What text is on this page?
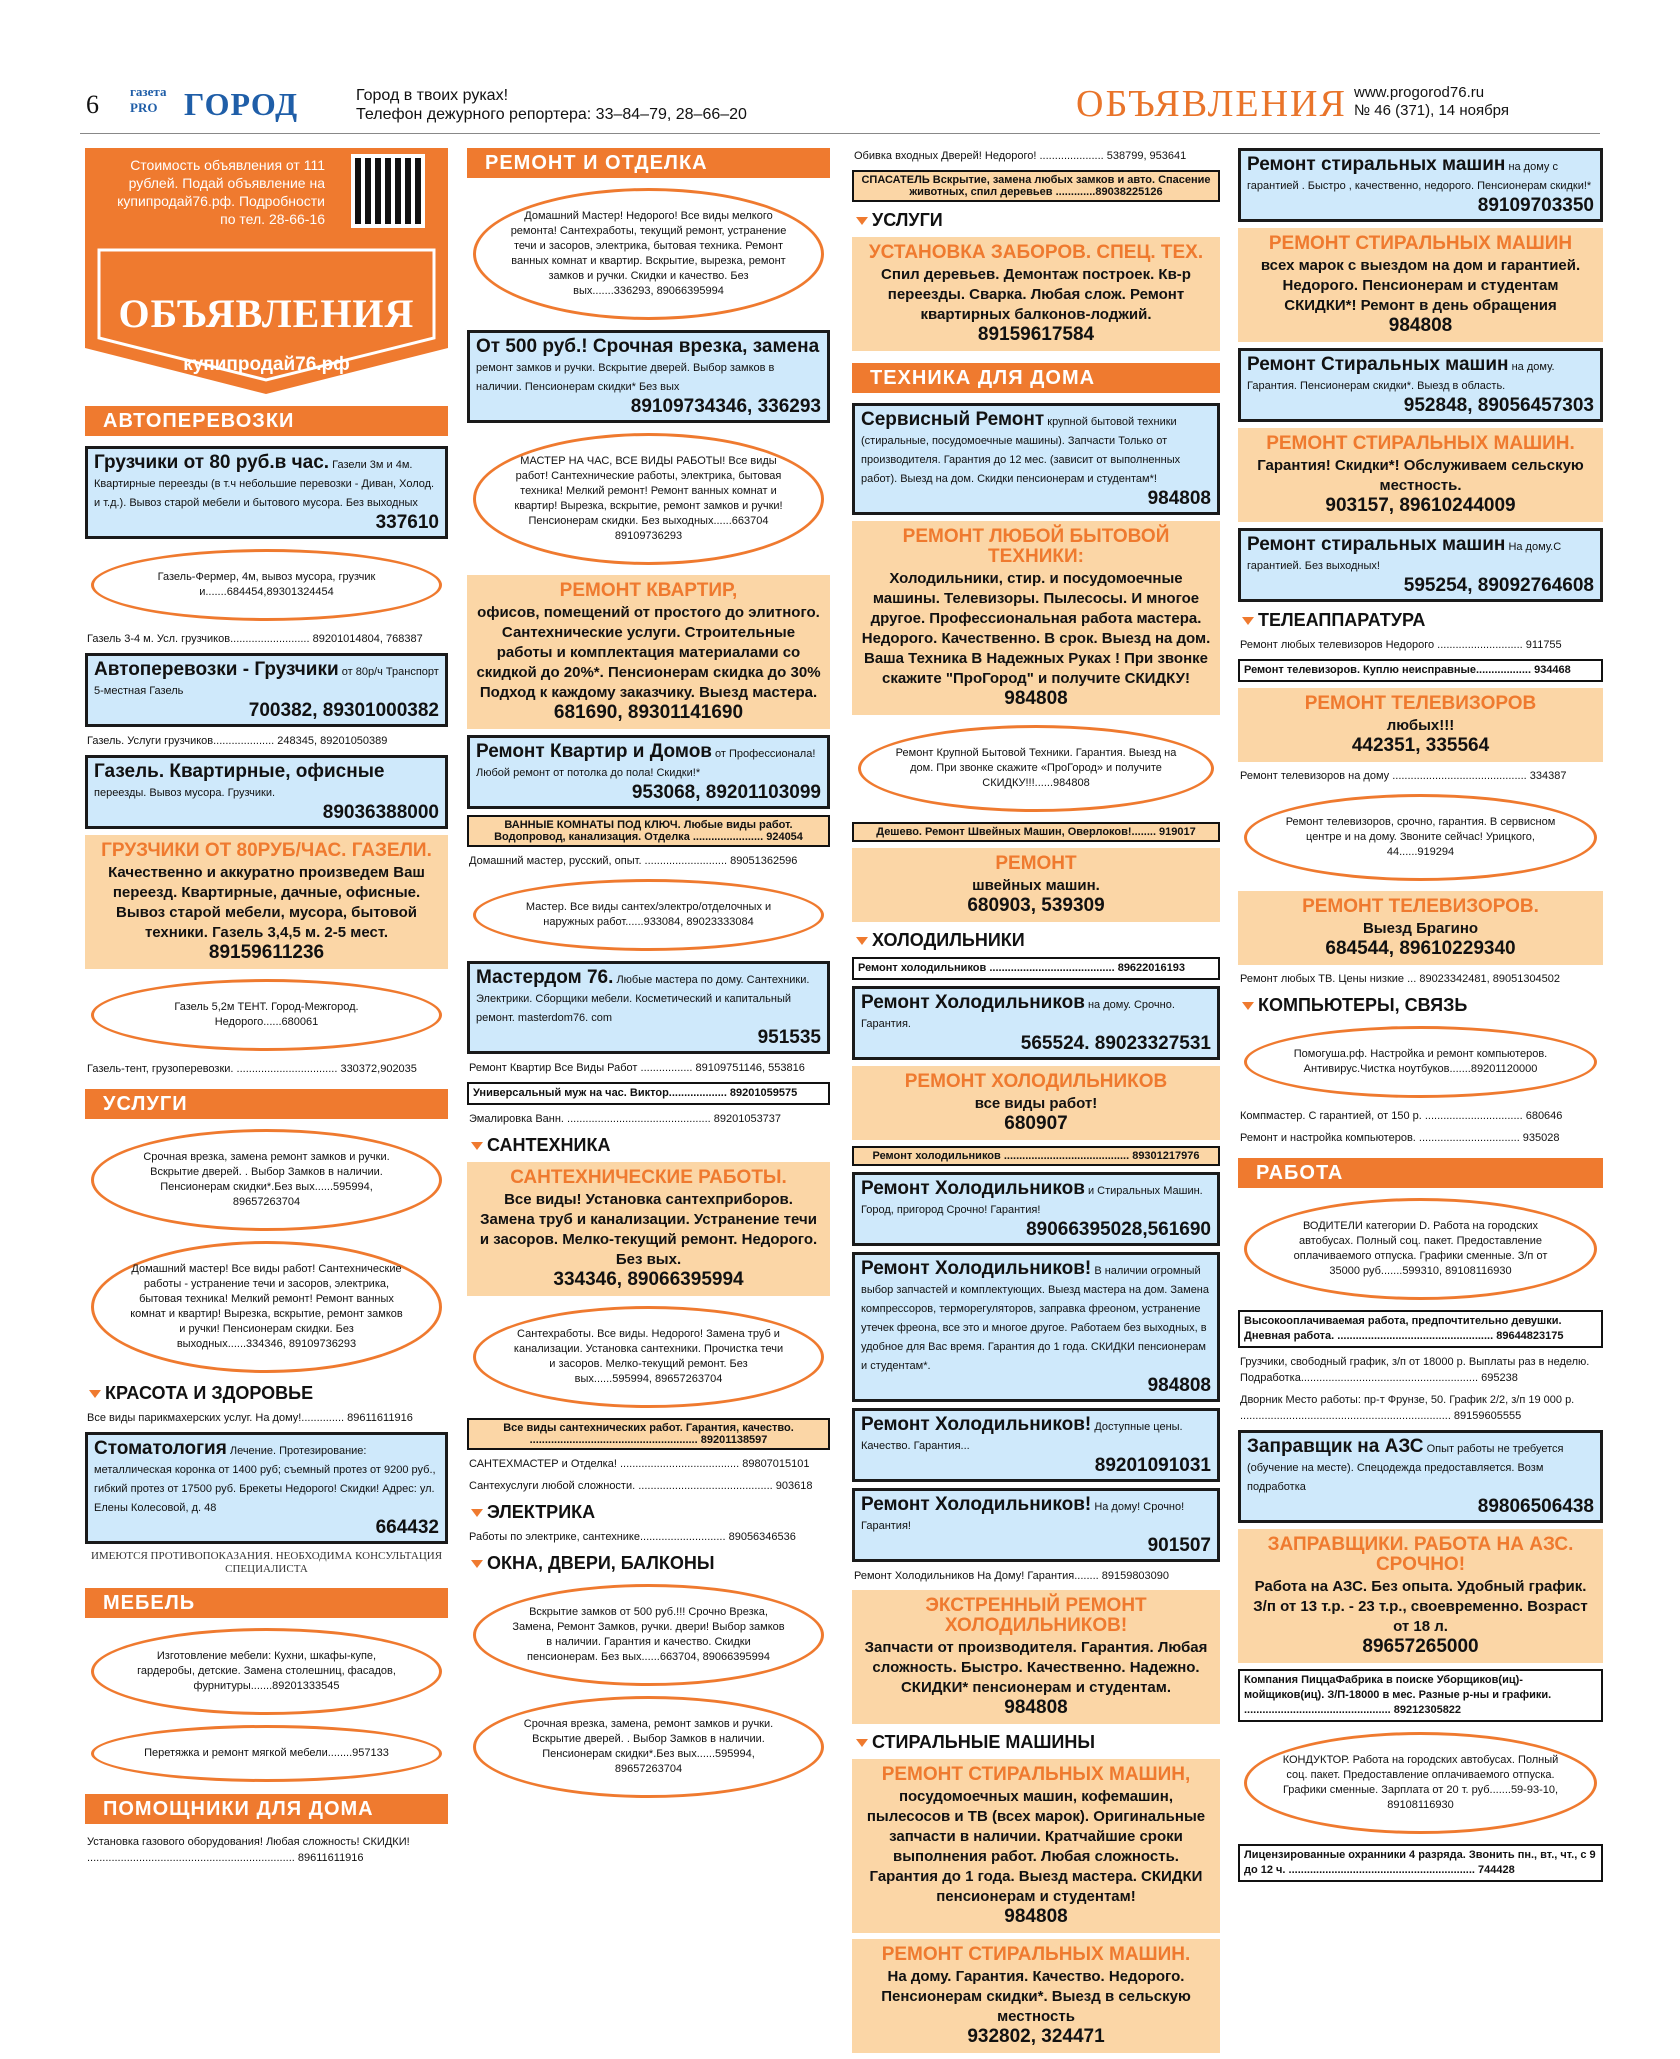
6 газета PRO ГОРОД	Город в твоих руках!
Телефон дежурного репортера: 33–84–79, 28–66–20	ОБЪЯВЛЕНИЯ www.progorod76.ru
№ 46 (371), 14 ноября
Стоимость объявления от 111 рублей. Подай объявление на купипродай76.рф. Подробности по тел. 28-66-16
ОБЪЯВЛЕНИЯ
купипродай76.рф
АВТОПЕРЕВОЗКИ
Грузчики от 80 руб.в час. Газели 3м и 4м. Квартирные переезды (в т.ч небольшие перевозки - Диван, Холод. и т.д.). Вывоз старой мебели и бытового мусора. Без выходных
337610
Газель-Фермер, 4м, вывоз мусора, грузчик и.......684454,89301324454
Газель 3-4 м. Усл. грузчиков.......................... 89201014804, 768387
Автоперевозки - Грузчики от 80р/ч Транспорт 5-местная Газель
700382, 89301000382
Газель. Услуги грузчиков.................... 248345, 89201050389
Газель. Квартирные, офисные переезды. Вывоз мусора. Грузчики.
89036388000
ГРУЗЧИКИ ОТ 80РУБ/ЧАС. ГАЗЕЛИ.
Качественно и аккуратно произведем Ваш переезд. Квартирные, дачные, офисные. Вывоз старой мебели, мусора, бытовой техники. Газель 3,4,5 м. 2-5 мест.
89159611236
Газель 5,2м ТЕНТ. Город-Межгород. Недорого......680061
Газель-тент, грузоперевозки. ................................. 330372,902035
УСЛУГИ
Срочная врезка, замена ремонт замков и ручки. Вскрытие дверей. . Выбор Замков в наличии. Пенсионерам скидки*.Без вых......595994, 89657263704
Домашний мастер! Все виды работ! Сантехнические работы - устранение течи и засоров, электрика, бытовая техника! Мелкий ремонт! Ремонт ванных комнат и квартир! Вырезка, вскрытие, ремонт замков и ручки! Пенсионерам скидки. Без выходных......334346, 89109736293
КРАСОТА И ЗДОРОВЬЕ
Все виды парикмахерских услуг. На дому!.............. 89611611916
Стоматология Лечение. Протезирование: металлическая коронка от 1400 руб; съемный протез от 9200 руб., гибкий протез от 17500 руб. Брекеты Недорого! Скидки! Адрес: ул. Елены Колесовой, д. 48
664432
ИМЕЮТСЯ ПРОТИВОПОКАЗАНИЯ. НЕОБХОДИМА КОНСУЛЬТАЦИЯ СПЕЦИАЛИСТА
МЕБЕЛЬ
Изготовление мебели: Кухни, шкафы-купе, гардеробы, детские. Замена столешниц, фасадов, фурнитуры.......89201333545
Перетяжка и ремонт мягкой мебели........957133
ПОМОЩНИКИ ДЛЯ ДОМА
Установка газового оборудования! Любая сложность! СКИДКИ! .................................................................... 89611611916
РЕМОНТ И ОТДЕЛКА
Домашний Мастер! Недорого! Все виды мелкого ремонта! Сантехработы, текущий ремонт, устранение течи и засоров, электрика, бытовая техника. Ремонт ванных комнат и квартир. Вскрытие, вырезка, ремонт замков и ручки. Скидки и качество. Без вых.......336293, 89066395994
От 500 руб.! Срочная врезка, замена ремонт замков и ручки. Вскрытие дверей. Выбор замков в наличии. Пенсионерам скидки* Без вых
89109734346, 336293
МАСТЕР НА ЧАС, ВСЕ ВИДЫ РАБОТЫ! Все виды работ! Сантехнические работы, электрика, бытовая техника! Мелкий ремонт! Ремонт ванных комнат и квартир! Вырезка, вскрытие, ремонт замков и ручки! Пенсионерам скидки. Без выходных......663704 89109736293
РЕМОНТ КВАРТИР,
офисов, помещений от простого до элитного. Сантехнические услуги. Строительные работы и комплектация материалами со скидкой до 20%*. Пенсионерам скидка до 30% Подход к каждому заказчику. Выезд мастера.
681690, 89301141690
Ремонт Квартир и Домов от Профессионала! Любой ремонт от потолка до пола! Скидки!*
953068, 89201103099
ВАННЫЕ КОМНАТЫ ПОД КЛЮЧ. Любые виды работ. Водопровод, канализация. Отделка ....................... 924054
Домашний мастер, русский, опыт. ........................... 89051362596
Мастер. Все виды сантех/электро/отделочных и наружных работ......933084, 89023333084
Мастердом 76. Любые мастера по дому. Сантехники. Электрики. Сборщики мебели. Косметический и капитальный ремонт. masterdom76. com
951535
Ремонт Квартир Все Виды Работ ................. 89109751146, 553816
Универсальный муж на час. Виктор................... 89201059575
Эмалировка Ванн. ............................................... 89201053737
САНТЕХНИКА
САНТЕХНИЧЕСКИЕ РАБОТЫ.
Все виды! Установка сантехприборов. Замена труб и канализации. Устранение течи и засоров. Мелко-текущий ремонт. Недорого. Без вых.
334346, 89066395994
Сантехработы. Все виды. Недорого! Замена труб и канализации. Установка сантехники. Прочистка течи и засоров. Мелко-текущий ремонт. Без вых......595994, 89657263704
Все виды сантехнических работ. Гарантия, качество. ....................................................... 89201138597
САНТЕХМАСТЕР и Отделка! ....................................... 89807015101
Сантехуслуги любой сложности. ............................................ 903618
ЭЛЕКТРИКА
Работы по электрике, сантехнике............................ 89056346536
ОКНА, ДВЕРИ, БАЛКОНЫ
Вскрытие замков от 500 руб.!!! Срочно Врезка, Замена, Ремонт Замков, ручки. двери! Выбор замков в наличии. Гарантия и качество. Скидки пенсионерам. Без вых......663704, 89066395994
Срочная врезка, замена, ремонт замков и ручки. Вскрытие дверей. . Выбор Замков в наличии. Пенсионерам скидки*.Без вых......595994, 89657263704
Обивка входных Дверей! Недорого! ..................... 538799, 953641
СПАСАТЕЛЬ Вскрытие, замена любых замков и авто. Спасение животных, спил деревьев .............89038225126
УСЛУГИ
УСТАНОВКА ЗАБОРОВ. СПЕЦ. ТЕХ.
Спил деревьев. Демонтаж построек. Кв-р переезды. Сварка. Любая слож. Ремонт квартирных балконов-лоджий.
89159617584
ТЕХНИКА ДЛЯ ДОМА
Сервисный Ремонт крупной бытовой техники (стиральные, посудомоечные машины). Запчасти Только от производителя. Гарантия до 12 мес. (зависит от выполненных работ). Выезд на дом. Скидки пенсионерам и студентам*!
984808
РЕМОНТ ЛЮБОЙ БЫТОВОЙ ТЕХНИКИ:
Холодильники, стир. и посудомоечные машины. Телевизоры. Пылесосы. И многое другое. Профессиональная работа мастера. Недорого. Качественно. В срок. Выезд на дом. Ваша Техника В Надежных Руках ! При звонке скажите "ПроГород" и получите СКИДКУ!
984808
Ремонт Крупной Бытовой Техники. Гарантия. Выезд на дом. При звонке скажите «ПроГород» и получите СКИДКУ!!!......984808
Дешево. Ремонт Швейных Машин, Оверлоков!........ 919017
РЕМОНТ
швейных машин.
680903, 539309
ХОЛОДИЛЬНИКИ
Ремонт холодильников ......................................... 89622016193
Ремонт Холодильников на дому. Срочно. Гарантия.
565524. 89023327531
РЕМОНТ ХОЛОДИЛЬНИКОВ
все виды работ!
680907
Ремонт холодильников ......................................... 89301217976
Ремонт Холодильников и Стиральных Машин. Город, пригород Срочно! Гарантия!
89066395028,561690
Ремонт Холодильников! В наличии огромный выбор запчастей и комплектующих. Выезд мастера на дом. Замена компрессоров, терморегуляторов, заправка фреоном, устранение утечек фреона, все это и многое другое. Работаем без выходных, в удобное для Вас время. Гарантия до 1 года. СКИДКИ пенсионерам и студентам*.
984808
Ремонт Холодильников! Доступные цены. Качество. Гарантия...
89201091031
Ремонт Холодильников! На дому! Срочно! Гарантия!
901507
Ремонт Холодильников На Дому! Гарантия........ 89159803090
ЭКСТРЕННЫЙ РЕМОНТ ХОЛОДИЛЬНИКОВ!
Запчасти от производителя. Гарантия. Любая сложность. Быстро. Качественно. Надежно. СКИДКИ* пенсионерам и студентам.
984808
СТИРАЛЬНЫЕ МАШИНЫ
РЕМОНТ СТИРАЛЬНЫХ МАШИН,
посудомоечных машин, кофемашин, пылесосов и ТВ (всех марок). Оригинальные запчасти в наличии. Кратчайшие сроки выполнения работ. Любая сложность. Гарантия до 1 года. Выезд мастера. СКИДКИ пенсионерам и студентам!
984808
РЕМОНТ СТИРАЛЬНЫХ МАШИН.
На дому. Гарантия. Качество. Недорого. Пенсионерам скидки*. Выезд в сельскую местность
932802, 324471
Ремонт стиральных машин на дому с гарантией . Быстро , качественно, недорого. Пенсионерам скидки!*
89109703350
РЕМОНТ СТИРАЛЬНЫХ МАШИН
всех марок с выездом на дом и гарантией. Недорого. Пенсионерам и студентам СКИДКИ*! Ремонт в день обращения
984808
Ремонт Стиральных машин на дому. Гарантия. Пенсионерам скидки*. Выезд в область.
952848, 89056457303
РЕМОНТ СТИРАЛЬНЫХ МАШИН.
Гарантия! Скидки*! Обслуживаем сельскую местность.
903157, 89610244009
Ремонт стиральных машин На дому.С гарантией. Без выходных!
595254, 89092764608
ТЕЛЕАППАРАТУРА
Ремонт любых телевизоров Недорого ............................ 911755
Ремонт телевизоров. Куплю неисправные.................. 934468
РЕМОНТ ТЕЛЕВИЗОРОВ
любых!!!
442351, 335564
Ремонт телевизоров на дому ............................................ 334387
Ремонт телевизоров, срочно, гарантия. В сервисном центре и на дому. Звоните сейчас! Урицкого, 44......919294
РЕМОНТ ТЕЛЕВИЗОРОВ.
Выезд Брагино
684544, 89610229340
Ремонт любых ТВ. Цены низкие ... 89023342481, 89051304502
КОМПЬЮТЕРЫ, СВЯЗЬ
Помогуша.рф. Настройка и ремонт компьютеров. Антивирус.Чистка ноутбуков.......89201120000
Компмастер. С гарантией, от 150 р. ................................ 680646
Ремонт и настройка компьютеров. ................................. 935028
РАБОТА
ВОДИТЕЛИ категории D. Работа на городских автобусах. Полный соц. пакет. Предоставление оплачиваемого отпуска. Графики сменные. З/п от 35000 руб.......599310, 89108116930
Высокооплачиваемая работа, предпочтительно девушки. Дневная работа. ................................................... 89644823175
Грузчики, свободный график, з/п от 18000 р. Выплаты раз в неделю. Подработка.......................................................... 695238
Дворник Место работы: пр-т Фрунзе, 50. График 2/2, з/п 19 000 р. ..................................................................... 89159605555
Заправщик на АЗС Опыт работы не требуется (обучение на месте). Спецодежда предоставляется. Возм подработка
89806506438
ЗАПРАВЩИКИ. РАБОТА НА АЗС. СРОЧНО!
Работа на АЗС. Без опыта. Удобный график. З/п от 13 т.р. - 23 т.р., своевременно. Возраст от 18 л.
89657265000
Компания ПиццаФабрика в поиске Уборщиков(иц)-мойщиков(иц). З/П-18000 в мес. Разные р-ны и графики. ................................................ 89212305822
КОНДУКТОР. Работа на городских автобусах. Полный соц. пакет. Предоставление оплачиваемого отпуска. Графики сменные. Зарплата от 20 т. руб.......59-93-10, 89108116930
Лицензированные охранники 4 разряда. Звонить пн., вт., чт., с 9 до 12 ч. ............................................................. 744428
